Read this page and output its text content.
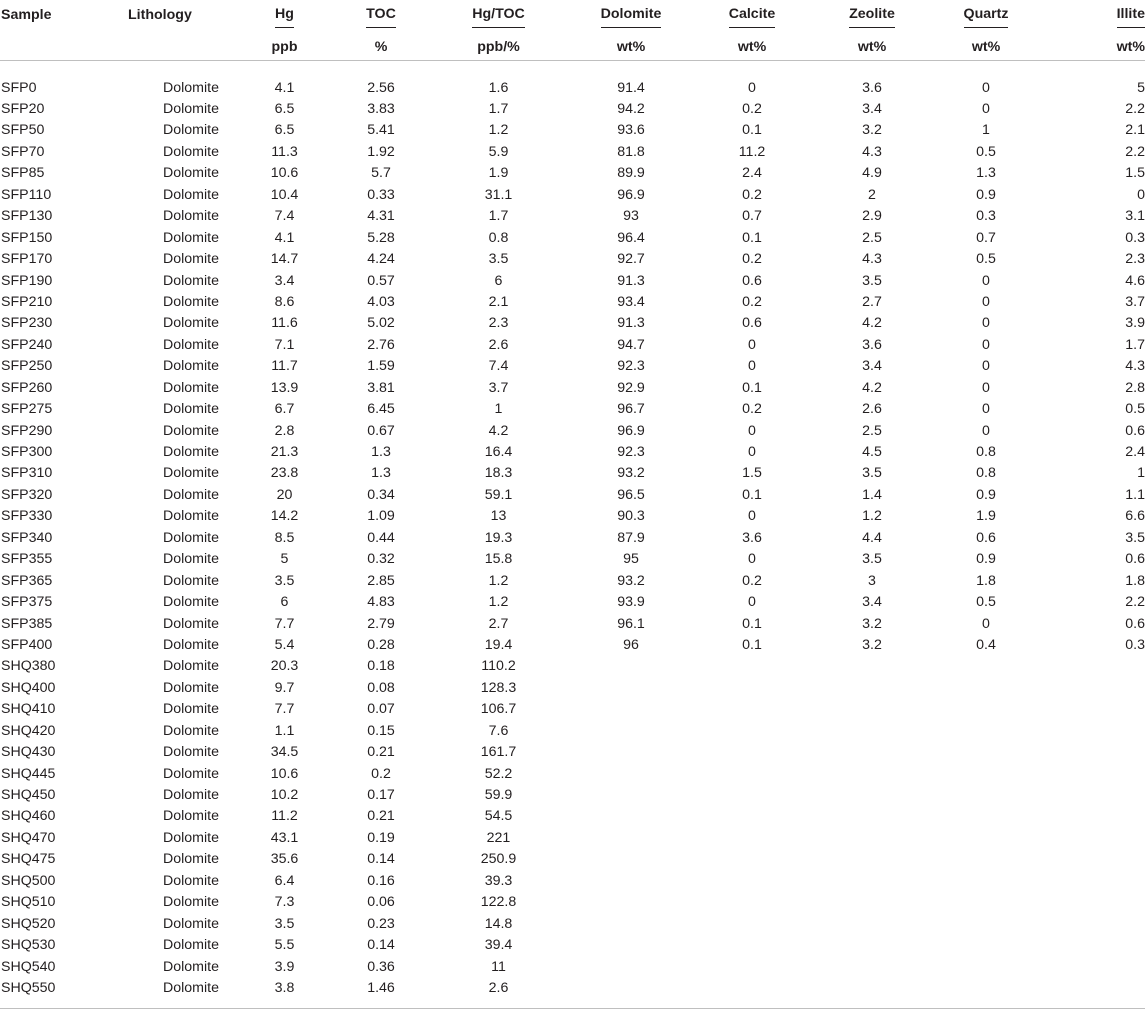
Sample	Lithology	Hg	TOC	Hg/TOC	Dolomite	Calcite	Zeolite	Quartz	Illite
		ppb	%	ppb/%	wt%	wt%	wt%	wt%	wt%

SFP0	Dolomite	4.1	2.56	1.6	91.4	0	3.6	0	5
SFP20	Dolomite	6.5	3.83	1.7	94.2	0.2	3.4	0	2.2
SFP50	Dolomite	6.5	5.41	1.2	93.6	0.1	3.2	1	2.1
SFP70	Dolomite	11.3	1.92	5.9	81.8	11.2	4.3	0.5	2.2
SFP85	Dolomite	10.6	5.7	1.9	89.9	2.4	4.9	1.3	1.5
SFP110	Dolomite	10.4	0.33	31.1	96.9	0.2	2	0.9	0
SFP130	Dolomite	7.4	4.31	1.7	93	0.7	2.9	0.3	3.1
SFP150	Dolomite	4.1	5.28	0.8	96.4	0.1	2.5	0.7	0.3
SFP170	Dolomite	14.7	4.24	3.5	92.7	0.2	4.3	0.5	2.3
SFP190	Dolomite	3.4	0.57	6	91.3	0.6	3.5	0	4.6
SFP210	Dolomite	8.6	4.03	2.1	93.4	0.2	2.7	0	3.7
SFP230	Dolomite	11.6	5.02	2.3	91.3	0.6	4.2	0	3.9
SFP240	Dolomite	7.1	2.76	2.6	94.7	0	3.6	0	1.7
SFP250	Dolomite	11.7	1.59	7.4	92.3	0	3.4	0	4.3
SFP260	Dolomite	13.9	3.81	3.7	92.9	0.1	4.2	0	2.8
SFP275	Dolomite	6.7	6.45	1	96.7	0.2	2.6	0	0.5
SFP290	Dolomite	2.8	0.67	4.2	96.9	0	2.5	0	0.6
SFP300	Dolomite	21.3	1.3	16.4	92.3	0	4.5	0.8	2.4
SFP310	Dolomite	23.8	1.3	18.3	93.2	1.5	3.5	0.8	1
SFP320	Dolomite	20	0.34	59.1	96.5	0.1	1.4	0.9	1.1
SFP330	Dolomite	14.2	1.09	13	90.3	0	1.2	1.9	6.6
SFP340	Dolomite	8.5	0.44	19.3	87.9	3.6	4.4	0.6	3.5
SFP355	Dolomite	5	0.32	15.8	95	0	3.5	0.9	0.6
SFP365	Dolomite	3.5	2.85	1.2	93.2	0.2	3	1.8	1.8
SFP375	Dolomite	6	4.83	1.2	93.9	0	3.4	0.5	2.2
SFP385	Dolomite	7.7	2.79	2.7	96.1	0.1	3.2	0	0.6
SFP400	Dolomite	5.4	0.28	19.4	96	0.1	3.2	0.4	0.3
SHQ380	Dolomite	20.3	0.18	110.2					
SHQ400	Dolomite	9.7	0.08	128.3					
SHQ410	Dolomite	7.7	0.07	106.7					
SHQ420	Dolomite	1.1	0.15	7.6					
SHQ430	Dolomite	34.5	0.21	161.7					
SHQ445	Dolomite	10.6	0.2	52.2					
SHQ450	Dolomite	10.2	0.17	59.9					
SHQ460	Dolomite	11.2	0.21	54.5					
SHQ470	Dolomite	43.1	0.19	221					
SHQ475	Dolomite	35.6	0.14	250.9					
SHQ500	Dolomite	6.4	0.16	39.3					
SHQ510	Dolomite	7.3	0.06	122.8					
SHQ520	Dolomite	3.5	0.23	14.8					
SHQ530	Dolomite	5.5	0.14	39.4					
SHQ540	Dolomite	3.9	0.36	11					
SHQ550	Dolomite	3.8	1.46	2.6					
